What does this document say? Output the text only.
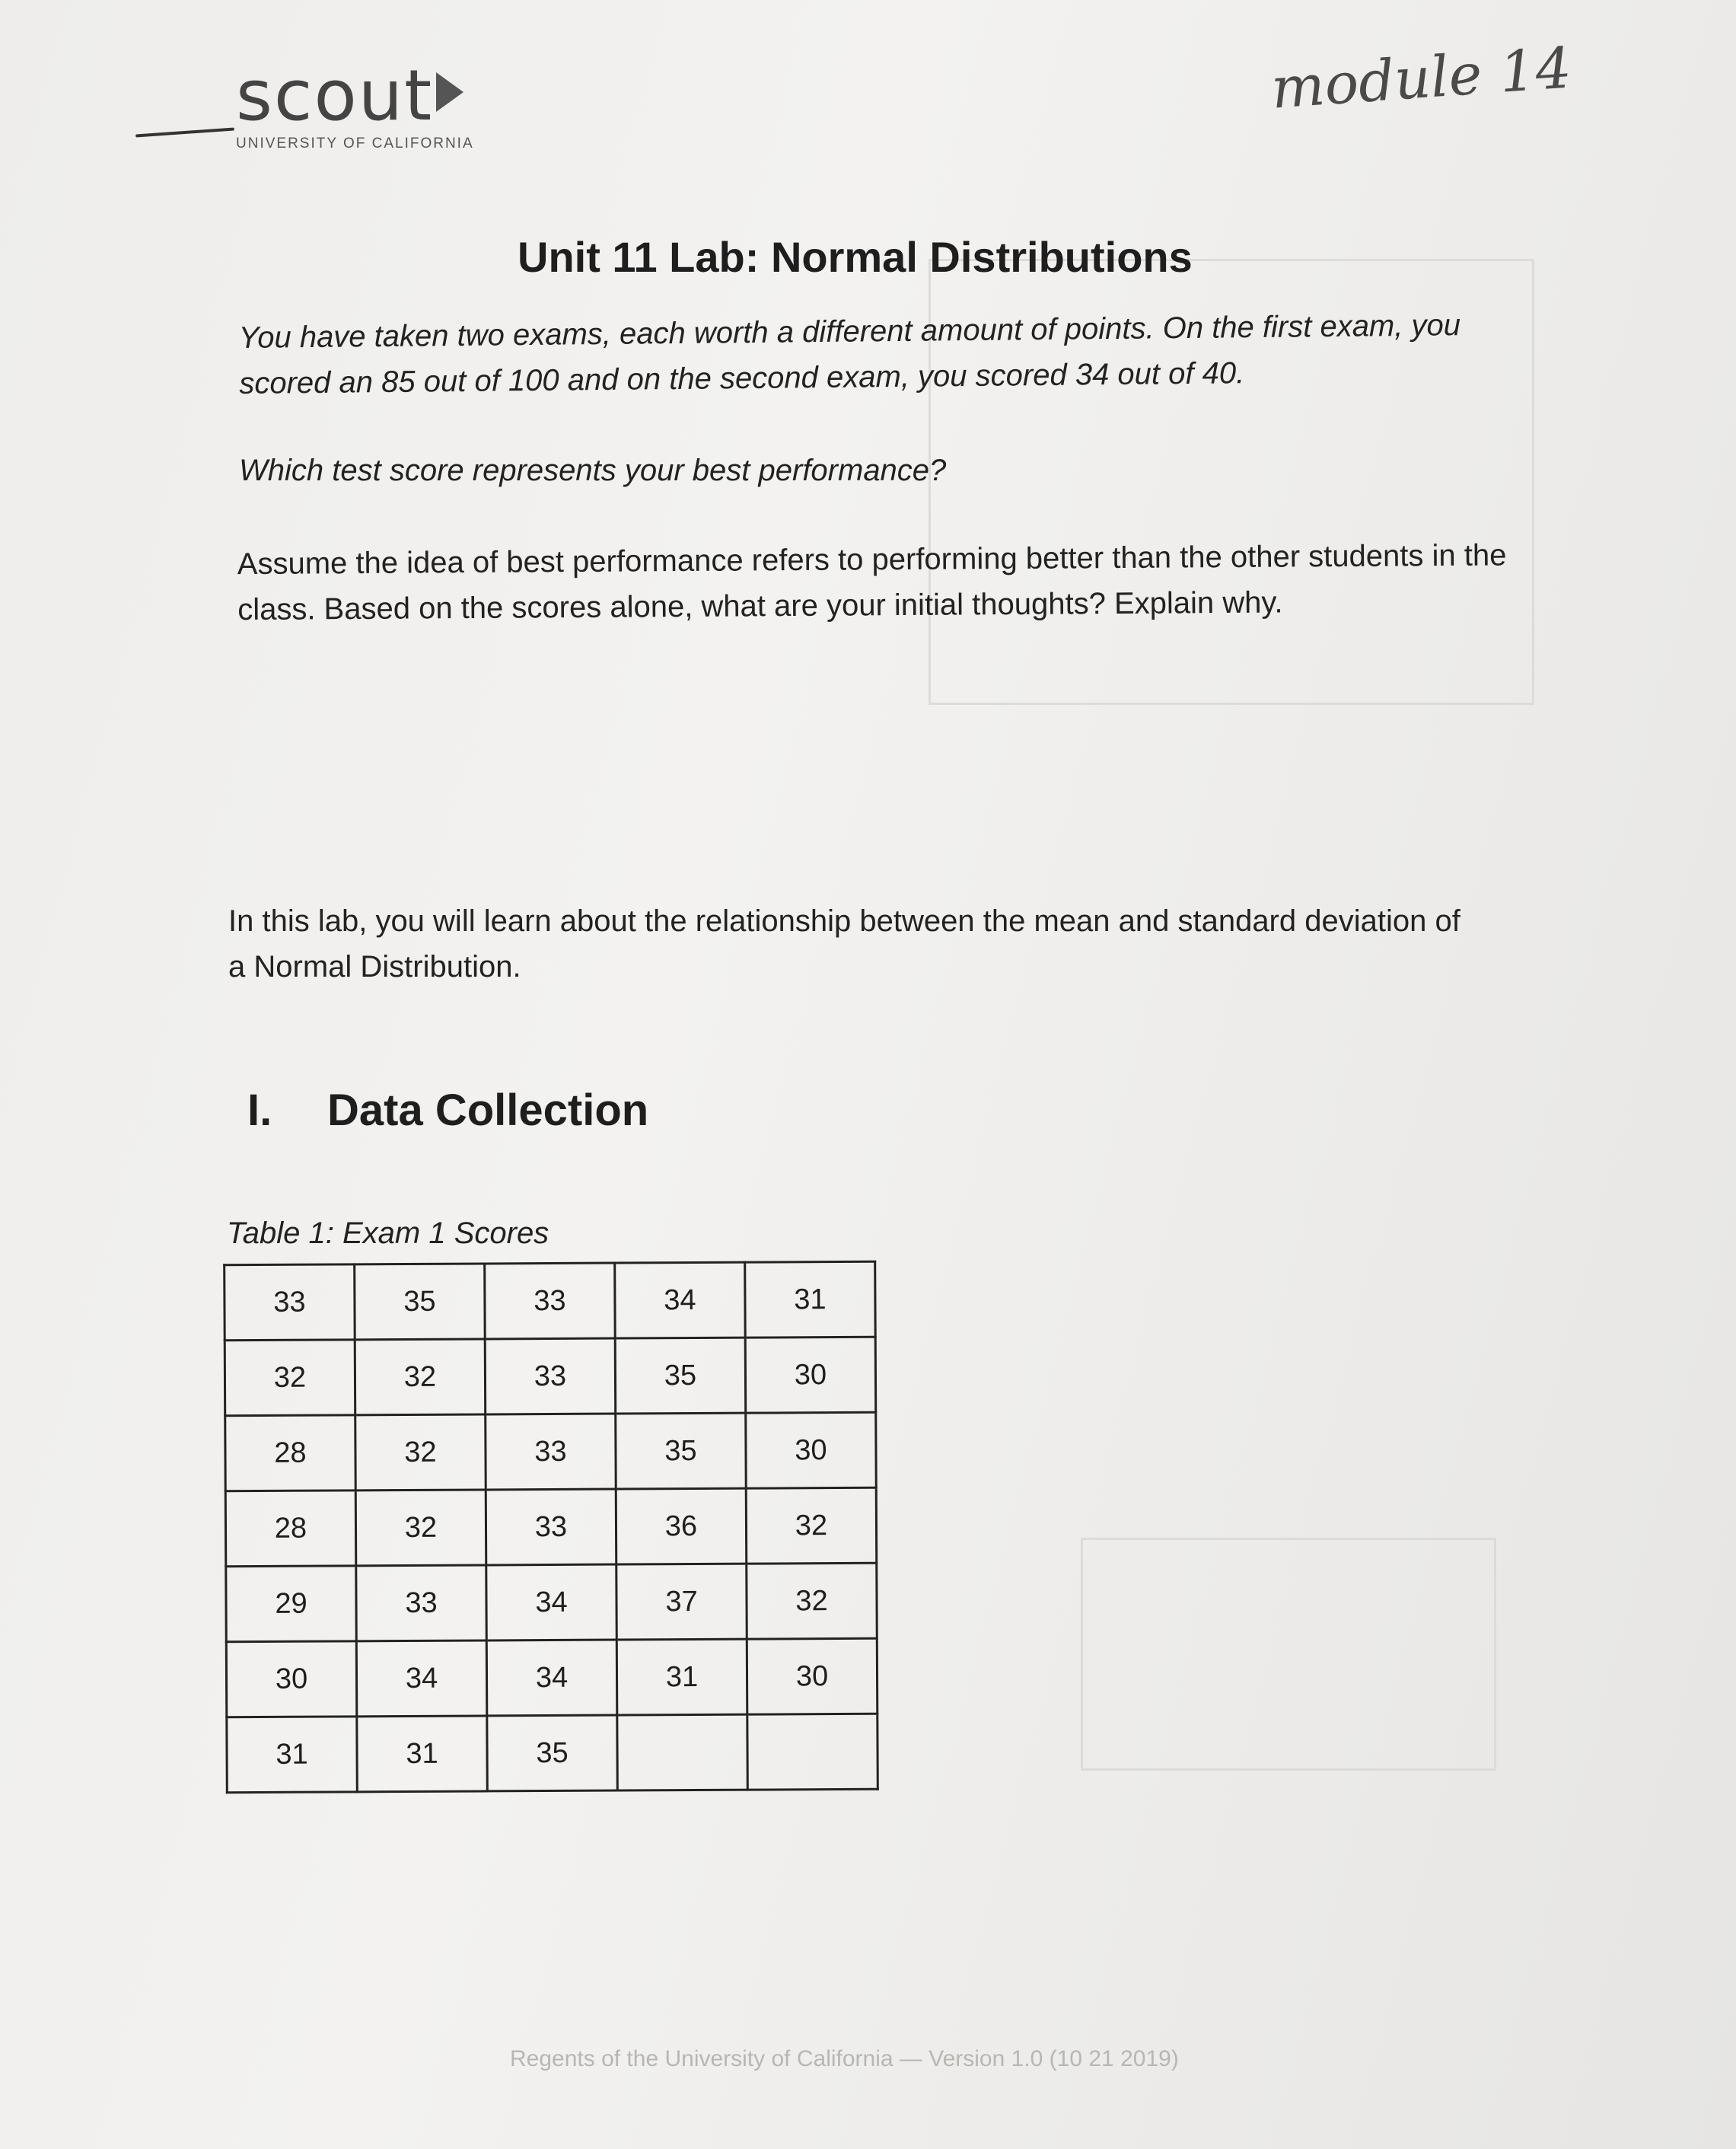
scout
UNIVERSITY OF CALIFORNIA
module 14
Unit 11 Lab: Normal Distributions
You have taken two exams, each worth a different amount of points. On the first exam, you scored an 85 out of 100 and on the second exam, you scored 34 out of 40.
Which test score represents your best performance?
Assume the idea of best performance refers to performing better than the other students in the class. Based on the scores alone, what are your initial thoughts? Explain why.
In this lab, you will learn about the relationship between the mean and standard deviation of a Normal Distribution.
I. Data Collection
Table 1: Exam 1 Scores
33	35	33	34	31
32	32	33	35	30
28	32	33	35	30
28	32	33	36	32
29	33	34	37	32
30	34	34	31	30
31	31	35		
Regents of the University of California — Version 1.0 (10 21 2019)
